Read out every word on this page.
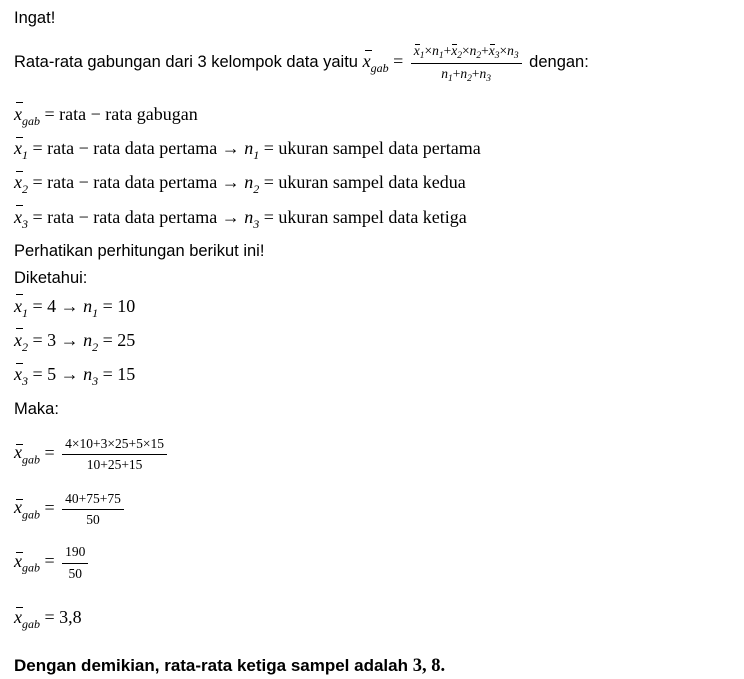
Ingat!
Rata-rata gabungan dari 3 kelompok data yaitu $x_{gab} = \frac{x1\times n1+x2\times n2+x3\times n3}{n1+n2+n3}$ dengan:
$x_{gab}$ = rata − rata gabugan
$x_1$ = rata − rata data pertama → $n_1$ = ukuran sampel data pertama
$x_2$ = rata − rata data pertama → $n_2$ = ukuran sampel data kedua
$x_3$ = rata − rata data pertama → $n_3$ = ukuran sampel data ketiga
Perhatikan perhitungan berikut ini!
Diketahui:
$x_1 = 4 \to n_1 = 10$
$x_2 = 3 \to n_2 = 25$
$x_3 = 5 \to n_3 = 15$
Maka:
$x_{gab} = \frac{4\times 10+3\times 25+5\times 15}{10+25+15}$
$x_{gab} = \frac{40+75+75}{50}$
$x_{gab} = \frac{190}{50}$
$x_{gab} = 3,8$
Dengan demikian, rata-rata ketiga sampel adalah 3, 8.
